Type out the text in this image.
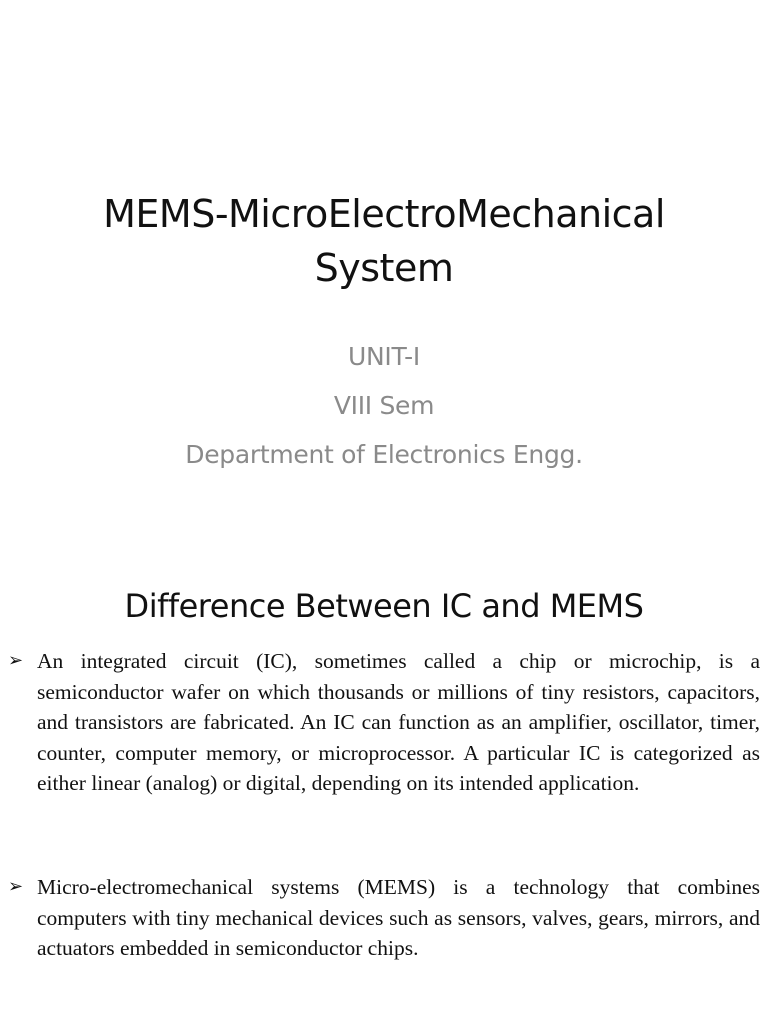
MEMS-MicroElectroMechanical
System
UNIT-I
VIII Sem
Department of Electronics Engg.
Difference Between IC and MEMS
➢ An integrated circuit (IC), sometimes called a chip or microchip, is a semiconductor wafer on which thousands or millions of tiny resistors, capacitors, and transistors are fabricated. An IC can function as an amplifier, oscillator, timer, counter, computer memory, or microprocessor. A particular IC is categorized as either linear (analog) or digital, depending on its intended application.
➢ Micro-electromechanical systems (MEMS) is a technology that combines computers with tiny mechanical devices such as sensors, valves, gears, mirrors, and actuators embedded in semiconductor chips.
